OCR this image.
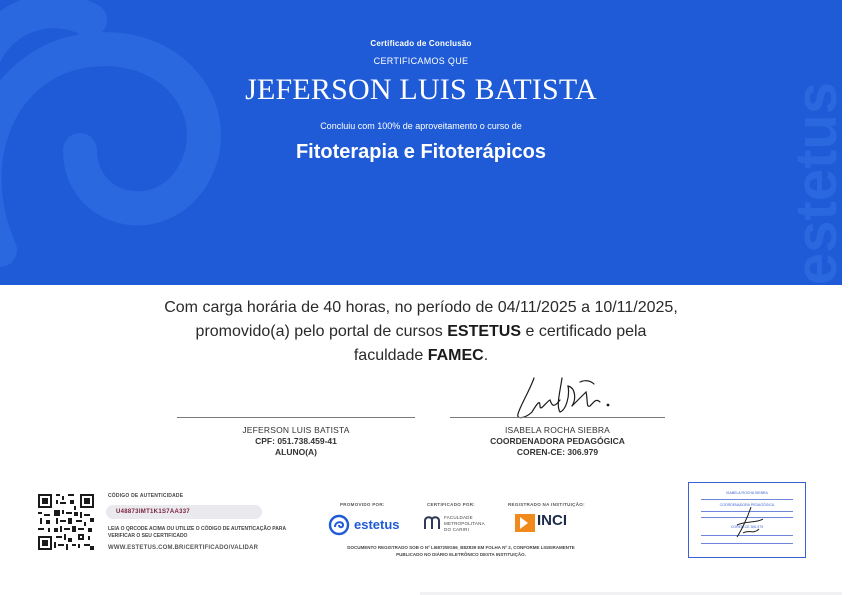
estetus
Certificado de Conclusão
CERTIFICAMOS QUE
JEFERSON LUIS BATISTA
Concluiu com 100% de aproveitamento o curso de
Fitoterapia e Fitoterápicos
Com carga horária de 40 horas, no período de 04/11/2025 a 10/11/2025,
promovido(a) pelo portal de cursos ESTETUS e certificado pela
faculdade FAMEC.
JEFERSON LUIS BATISTA
CPF: 051.738.459-41
ALUNO(A)
ISABELA ROCHA SIEBRA
COORDENADORA PEDAGÓGICA
COREN-CE: 306.979
CÓDIGO DE AUTENTICIDADE
U48873IMT1K1S7AA337
LEIA O QRCODE ACIMA OU UTILIZE O CÓDIGO DE AUTENTICAÇÃO PARA VERIFICAR O SEU CERTIFICADO
WWW.ESTETUS.COM.BR/CERTIFICADO/VALIDAR
PROMOVIDO POR:	CERTIFICADO POR:	REGISTRADO NA INSTITUIÇÃO:
estetus	FACULDADE
METROPOLITANA
DO CARIRI
INCI
DOCUMENTO REGISTRADO SOB O Nº LI6872WG56_B8Z939 EM FOLHA Nº 2, CONFORME LIGEIRAMENTE PUBLICADO NO DIÁRIO ELETRÔNICO DESTA INSTITUIÇÃO.
ISABELA ROCHA SIEBRA
COORDENADORA PEDAGÓGICA
COREN-CE 306.979
